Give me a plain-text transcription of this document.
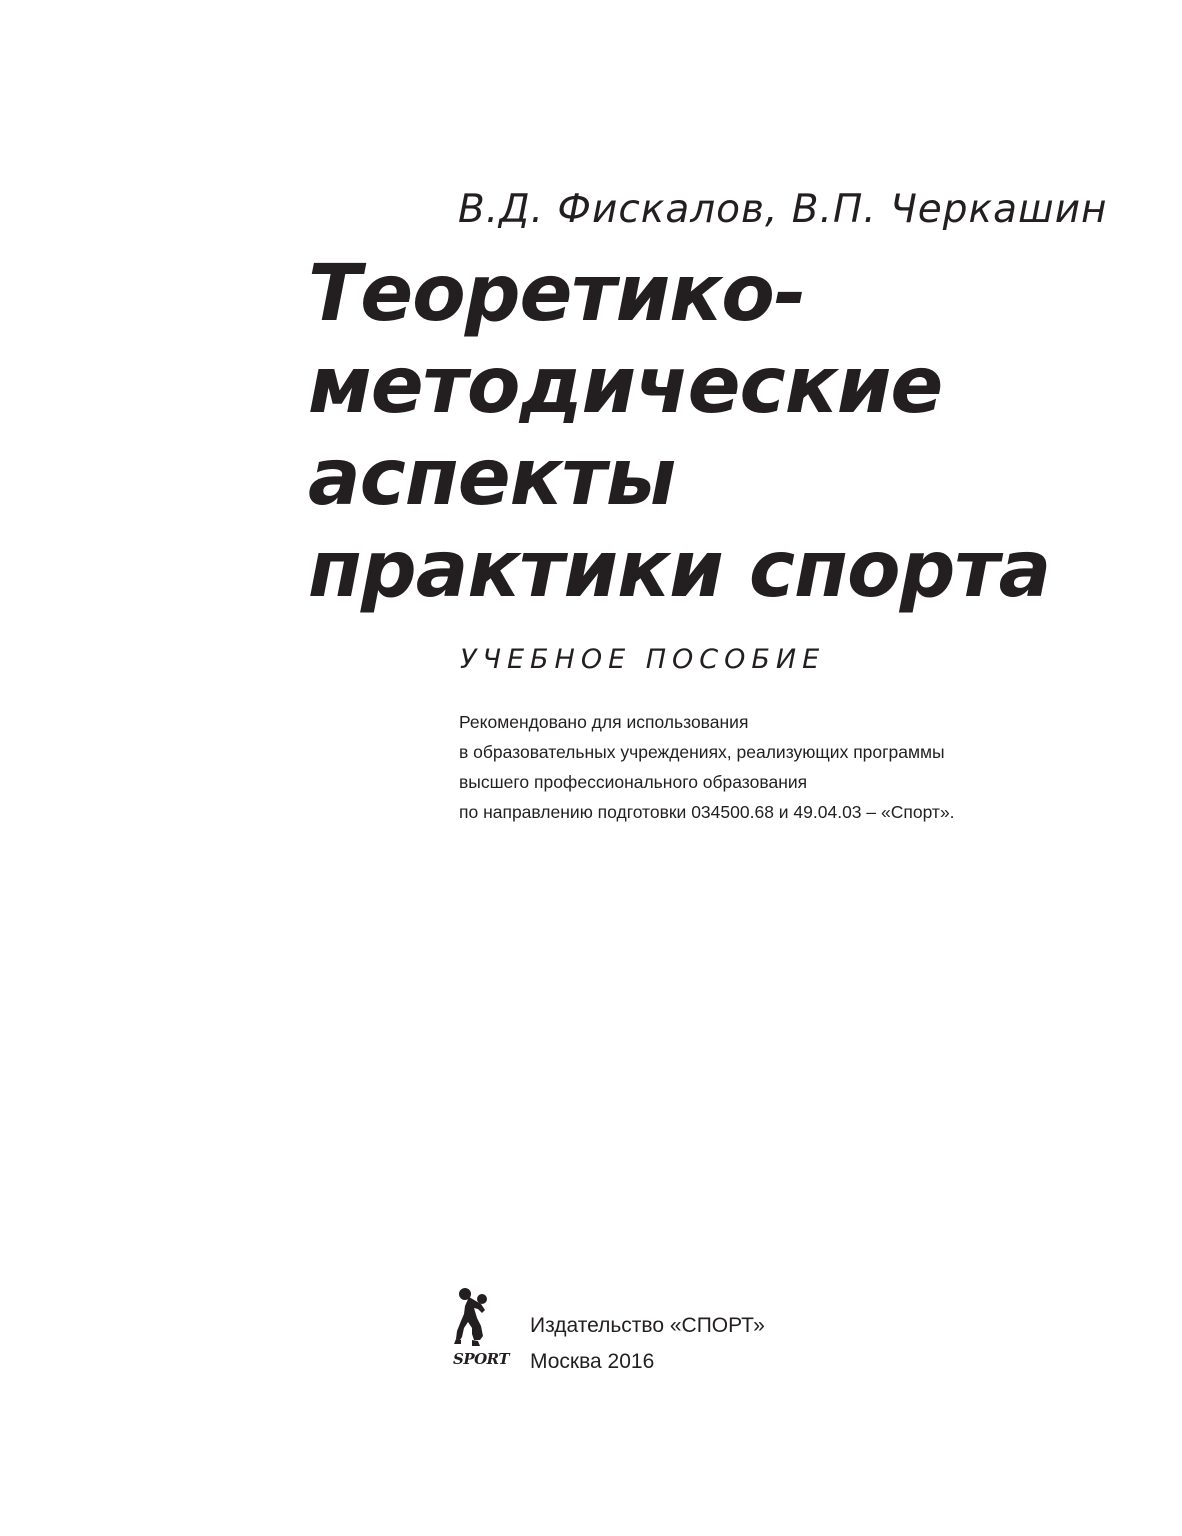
В.Д. Фискалов, В.П. Черкашин
Теоретико-
методические
аспекты
практики спорта
УЧЕБНОЕ ПОСОБИЕ
Рекомендовано для использования
в образовательных учреждениях, реализующих программы
высшего профессионального образования
по направлению подготовки 034500.68 и 49.04.03 – «Спорт».
SPORT
Издательство «СПОРТ»
Москва 2016
